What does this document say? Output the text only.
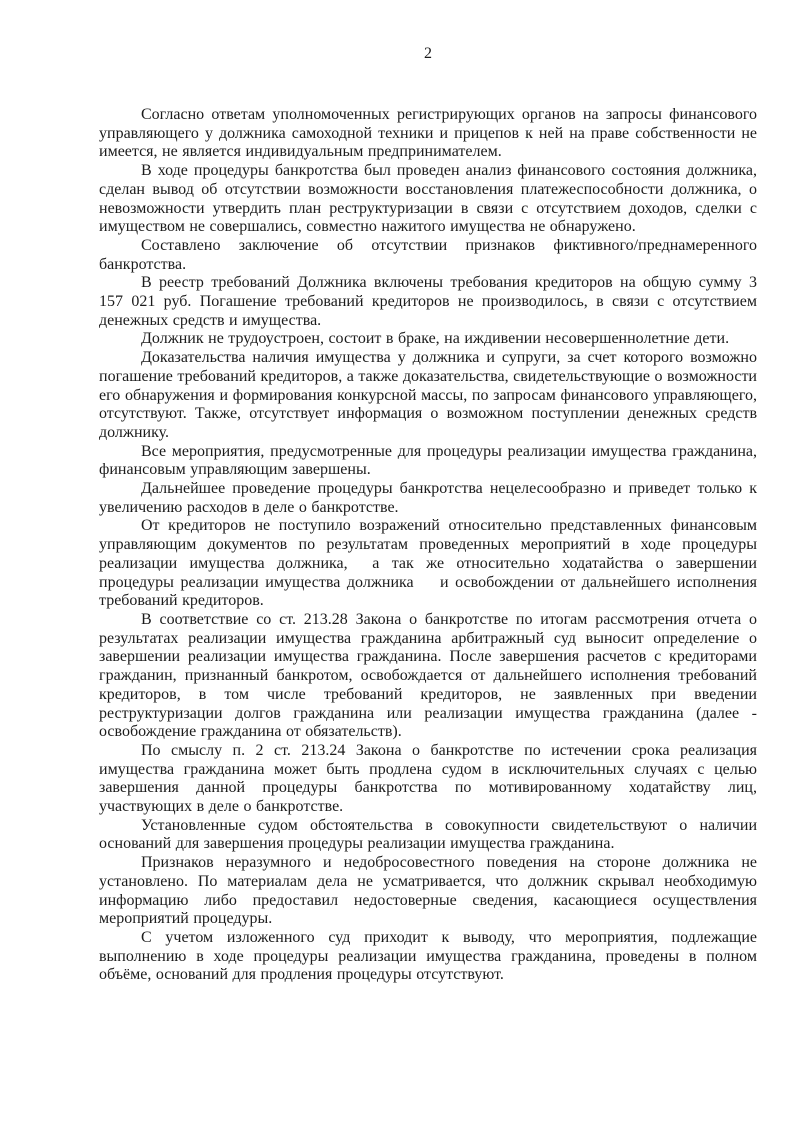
2

Согласно ответам уполномоченных регистрирующих органов на запросы финансового управляющего у должника самоходной техники и прицепов к ней на праве собственности не имеется, не является индивидуальным предпринимателем.

В ходе процедуры банкротства был проведен анализ финансового состояния должника, сделан вывод об отсутствии возможности восстановления платежеспособности должника, о невозможности утвердить план реструктуризации в связи с отсутствием доходов, сделки с имуществом не совершались, совместно нажитого имущества не обнаружено.

Составлено заключение об отсутствии признаков фиктивного/преднамеренного банкротства.

В реестр требований Должника включены требования кредиторов на общую сумму 3 157 021 руб. Погашение требований кредиторов не производилось, в связи с отсутствием денежных средств и имущества.

Должник не трудоустроен, состоит в браке, на иждивении несовершеннолетние дети.

Доказательства наличия имущества у должника и супруги, за счет которого возможно погашение требований кредиторов, а также доказательства, свидетельствующие о возможности его обнаружения и формирования конкурсной массы, по запросам финансового управляющего, отсутствуют. Также, отсутствует информация о возможном поступлении денежных средств должнику.

Все мероприятия, предусмотренные для процедуры реализации имущества гражданина, финансовым управляющим завершены.

Дальнейшее проведение процедуры банкротства нецелесообразно и приведет только к увеличению расходов в деле о банкротстве.

От кредиторов не поступило возражений относительно представленных финансовым управляющим документов по результатам проведенных мероприятий в ходе процедуры реализации имущества должника,  а так же относительно ходатайства о завершении процедуры реализации имущества должника    и освобождении от дальнейшего исполнения требований кредиторов.

В соответствие со ст. 213.28 Закона о банкротстве по итогам рассмотрения отчета о результатах реализации имущества гражданина арбитражный суд выносит определение о завершении реализации имущества гражданина. После завершения расчетов с кредиторами гражданин, признанный банкротом, освобождается от дальнейшего исполнения требований кредиторов, в том числе требований кредиторов, не заявленных при введении реструктуризации долгов гражданина или реализации имущества гражданина (далее - освобождение гражданина от обязательств).

По смыслу п. 2 ст. 213.24 Закона о банкротстве по истечении срока реализация имущества гражданина может быть продлена судом в исключительных случаях с целью завершения данной процедуры банкротства по мотивированному ходатайству лиц, участвующих в деле о банкротстве.

Установленные судом обстоятельства в совокупности свидетельствуют о наличии оснований для завершения процедуры реализации имущества гражданина.

Признаков неразумного и недобросовестного поведения на стороне должника не установлено. По материалам дела не усматривается, что должник скрывал необходимую информацию либо предоставил недостоверные сведения, касающиеся осуществления мероприятий процедуры.

С учетом изложенного суд приходит к выводу, что мероприятия, подлежащие выполнению в ходе процедуры реализации имущества гражданина, проведены в полном объёме, оснований для продления процедуры отсутствуют.
